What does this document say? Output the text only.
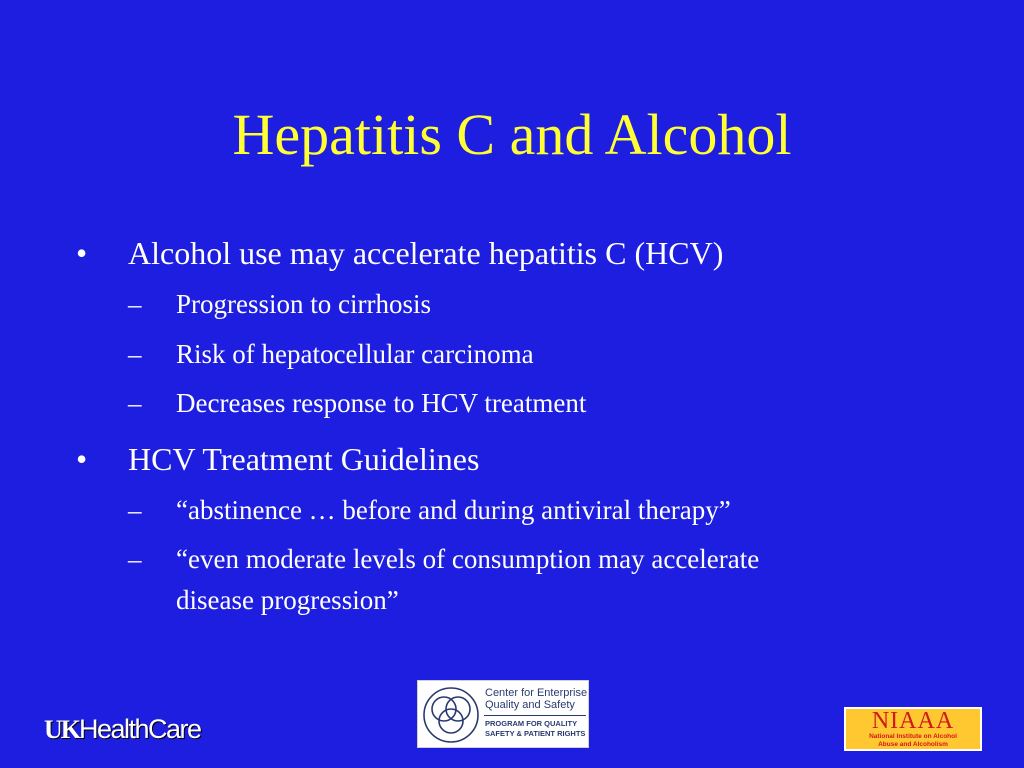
Hepatitis C and Alcohol
• Alcohol use may accelerate hepatitis C (HCV)
– Progression to cirrhosis
– Risk of hepatocellular carcinoma
– Decreases response to HCV treatment
• HCV Treatment Guidelines
– “abstinence … before and during antiviral therapy”
– “even moderate levels of consumption may accelerate
disease progression”
UKHealthCare
Center for Enterprise
Quality and Safety
PROGRAM FOR QUALITY
SAFETY & PATIENT RIGHTS	NIAAA
National Institute on Alcohol
Abuse and Alcoholism
